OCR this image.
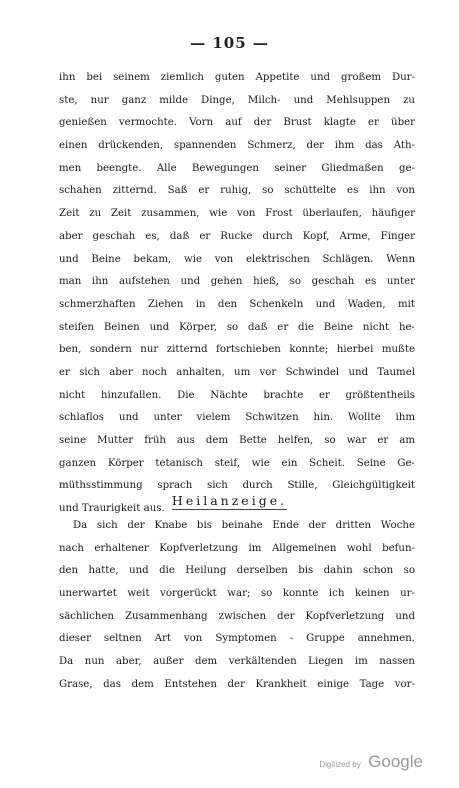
— 105 —
ihn bei seinem ziemlich guten Appetite und großem Dur-
ste, nur ganz milde Dinge, Milch- und Mehlsuppen zu
genießen vermochte. Vorn auf der Brust klagte er über
einen drückenden, spannenden Schmerz, der ihm das Ath-
men beengte. Alle Bewegungen seiner Gliedmaßen ge-
schahen zitternd. Saß er ruhig, so schüttelte es ihn von
Zeit zu Zeit zusammen, wie von Frost überlaufen, häufiger
aber geschah es, daß er Rucke durch Kopf, Arme, Finger
und Beine bekam, wie von elektrischen Schlägen. Wenn
man ihn aufstehen und gehen hieß, so geschah es unter
schmerzhaften Ziehen in den Schenkeln und Waden, mit
steifen Beinen und Körper, so daß er die Beine nicht he-
ben, sondern nur zitternd fortschieben konnte; hierbei mußte
er sich aber noch anhalten, um vor Schwindel und Taumel
nicht hinzufallen. Die Nächte brachte er größtentheils
schlaflos und unter vielem Schwitzen hin. Wollte ihm
seine Mutter früh aus dem Bette helfen, so war er am
ganzen Körper tetanisch steif, wie ein Scheit. Seine Ge-
müthsstimmung sprach sich durch Stille, Gleichgültigkeit
und Traurigkeit aus.
Heilanzeige.
Da sich der Knabe bis beinahe Ende der dritten Woche
nach erhaltener Kopfverletzung im Allgemeinen wohl befun-
den hatte, und die Heilung derselben bis dahin schon so
unerwartet weit vorgerückt war; so konnte ich keinen ur-
sächlichen Zusammenhang zwischen der Kopfverletzung und
dieser seltnen Art von Symptomen - Gruppe annehmen.
Da nun aber, außer dem verkältenden Liegen im nassen
Grase, das dem Entstehen der Krankheit einige Tage vor-
Digitized by Google
